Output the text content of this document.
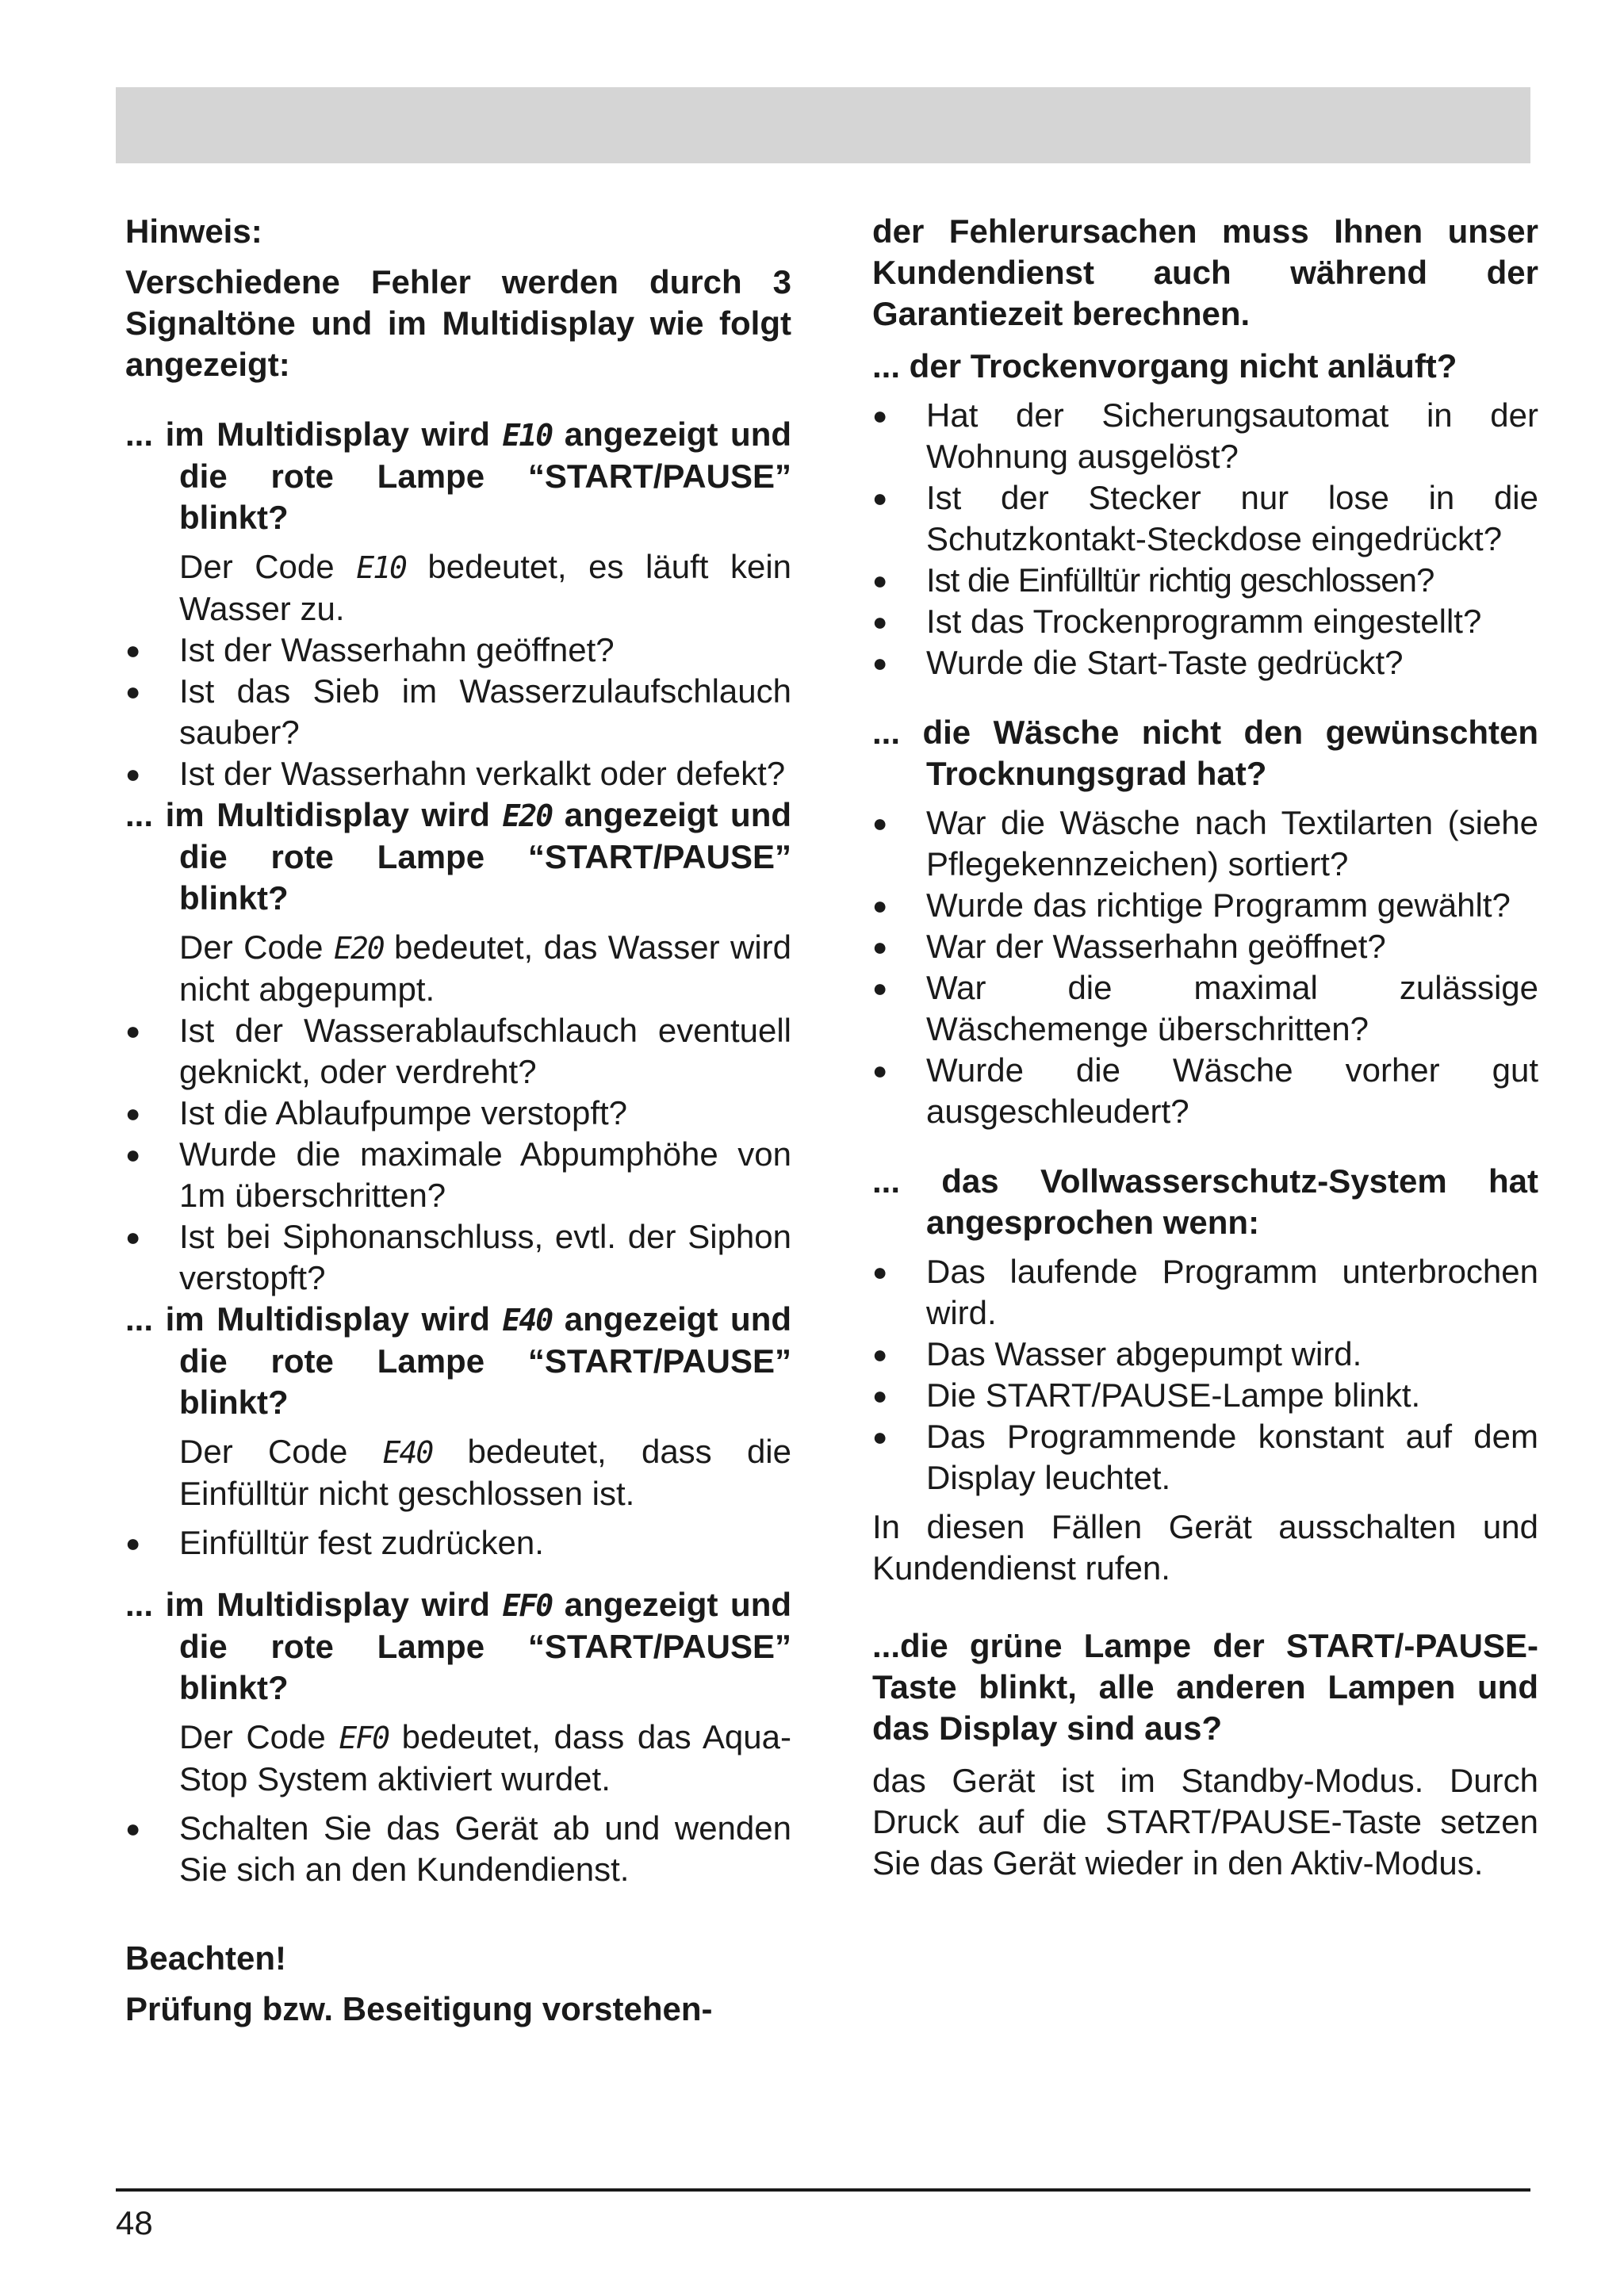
Hinweis:

Verschiedene Fehler werden durch 3 Signaltöne und im Multidisplay wie folgt angezeigt:

... im Multidisplay wird E10 angezeigt und die rote Lampe “START/PAUSE” blinkt?

Der Code E10 bedeutet, es läuft kein Wasser zu.

● Ist der Wasserhahn geöffnet?
● Ist das Sieb im Wasserzulaufschlauch sauber?
● Ist der Wasserhahn verkalkt oder defekt?

... im Multidisplay wird E20 angezeigt und die rote Lampe “START/PAUSE” blinkt?

Der Code E20 bedeutet, das Wasser wird nicht abgepumpt.

● Ist der Wasserablaufschlauch eventuell geknickt, oder verdreht?
● Ist die Ablaufpumpe verstopft?
● Wurde die maximale Abpumphöhe von 1m überschritten?
● Ist bei Siphonanschluss, evtl. der Siphon verstopft?

... im Multidisplay wird E40 angezeigt und die rote Lampe “START/PAUSE” blinkt?

Der Code E40 bedeutet, dass die Einfülltür nicht geschlossen ist.

● Einfülltür fest zudrücken.

... im Multidisplay wird EF0 angezeigt und die rote Lampe “START/PAUSE” blinkt?

Der Code EF0 bedeutet, dass das Aqua-Stop System aktiviert wurdet.

● Schalten Sie das Gerät ab und wenden Sie sich an den Kundendienst.

Beachten!

Prüfung bzw. Beseitigung vorstehen-

der Fehlerursachen muss Ihnen unser Kundendienst auch während der Garantiezeit berechnen.

... der Trockenvorgang nicht anläuft?

● Hat der Sicherungsautomat in der Wohnung ausgelöst?
● Ist der Stecker nur lose in die Schutzkontakt-Steckdose eingedrückt?
● Ist die Einfülltür richtig geschlossen?
● Ist das Trockenprogramm eingestellt?
● Wurde die Start-Taste gedrückt?

... die Wäsche nicht den gewünschten Trocknungsgrad hat?

● War die Wäsche nach Textilarten (siehe Pflegekennzeichen) sortiert?
● Wurde das richtige Programm gewählt?
● War der Wasserhahn geöffnet?
● War die maximal zulässige Wäschemenge überschritten?
● Wurde die Wäsche vorher gut ausgeschleudert?

... das Vollwasserschutz-System hat angesprochen wenn:

● Das laufende Programm unterbrochen wird.
● Das Wasser abgepumpt wird.
● Die START/PAUSE-Lampe blinkt.
● Das Programmende konstant auf dem Display leuchtet.

In diesen Fällen Gerät ausschalten und Kundendienst rufen.

...die grüne Lampe der START/-PAUSE-Taste blinkt, alle anderen Lampen und das Display sind aus?

das Gerät ist im Standby-Modus. Durch Druck auf die START/PAUSE-Taste setzen Sie das Gerät wieder in den Aktiv-Modus.

48
